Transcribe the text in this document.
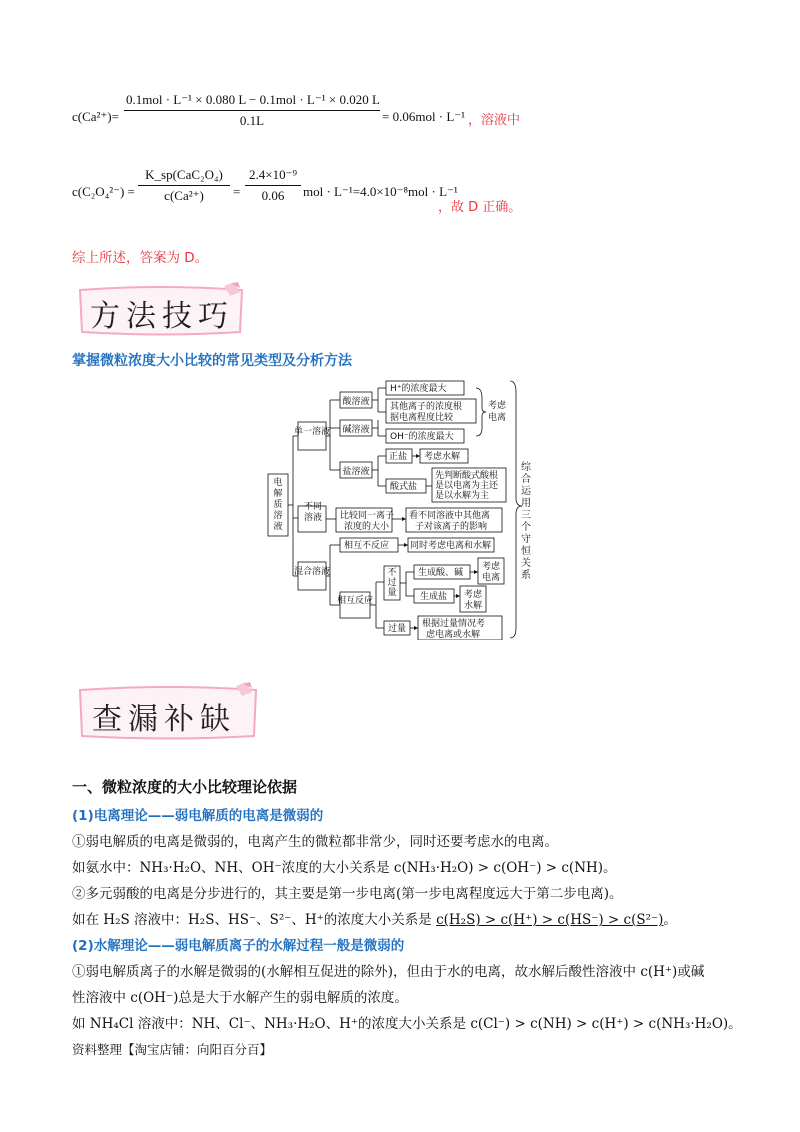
c(Ca²⁺)=
0.1mol · L⁻¹ × 0.080 L − 0.1mol · L⁻¹ × 0.020 L
0.1L	= 0.06mol · L⁻¹ ，溶液中
c(C₂O₄²⁻) =
K_sp(CaC₂O₄)
c(Ca²⁺)	=
2.4×10⁻⁹
0.06	mol · L⁻¹=4.0×10⁻⁸mol · L⁻¹
，故 D 正确。
综上所述，答案为 D。
方法技巧
掌握微粒浓度大小比较的常见类型及分析方法
单一溶液
酸溶液
碱溶液
盐溶液
H⁺的浓度最大
其他离子的浓度根
据电离程度比较
OH⁻的浓度最大
考虑
电离
正盐 考虑水解
酸式盐
先判断酸式酸根
是以电离为主还
是以水解为主
比较同一离子
浓度的大小
看不同溶液中其他离
子对该离子的影响
混合溶液
相互不反应 同时考虑电离和水解
相互反应
生成酸、碱
考虑
电离
生成盐 考虑
水解
过量 根据过量情况考
虑电离或水解
电解质溶液
不同溶液
不过量
综合运用三个守恒关系
查漏补缺
一、微粒浓度的大小比较理论依据
(1)电离理论——弱电解质的电离是微弱的
①弱电解质的电离是微弱的，电离产生的微粒都非常少，同时还要考虑水的电离。
如氨水中：NH₃·H₂O、NH、OH⁻浓度的大小关系是 c(NH₃·H₂O) > c(OH⁻) > c(NH)。
②多元弱酸的电离是分步进行的，其主要是第一步电离(第一步电离程度远大于第二步电离)。
如在 H₂S 溶液中：H₂S、HS⁻、S²⁻、H⁺的浓度大小关系是 c(H₂S) > c(H⁺) > c(HS⁻) > c(S²⁻)。
(2)水解理论——弱电解质离子的水解过程一般是微弱的
①弱电解质离子的水解是微弱的(水解相互促进的除外)，但由于水的电离，故水解后酸性溶液中 c(H⁺)或碱
性溶液中 c(OH⁻)总是大于水解产生的弱电解质的浓度。
如 NH₄Cl 溶液中：NH、Cl⁻、NH₃·H₂O、H⁺的浓度大小关系是 c(Cl⁻) > c(NH) > c(H⁺) > c(NH₃·H₂O)。
资料整理【淘宝店铺：向阳百分百】
